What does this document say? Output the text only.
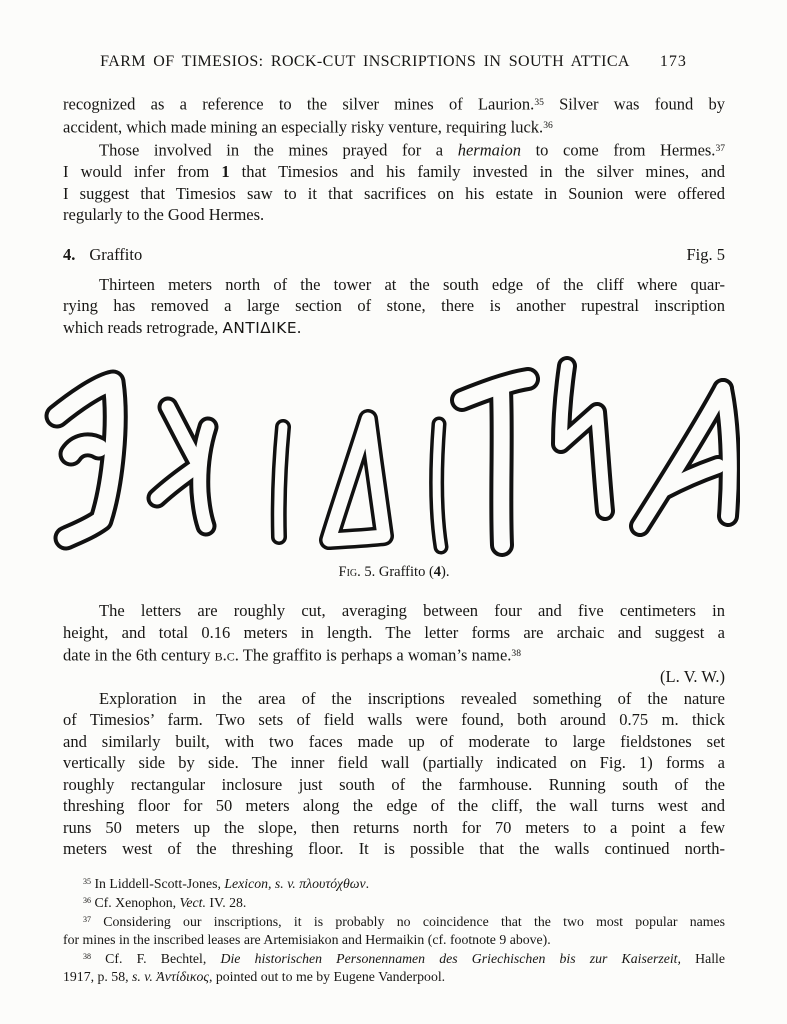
FARM OF TIMESIOS: ROCK-CUT INSCRIPTIONS IN SOUTH ATTICA 173
recognized as a reference to the silver mines of Laurion.$^{35}$ Silver was found by
accident, which made mining an especially risky venture, requiring luck.$^{36}$
Those involved in the mines prayed for a hermaion to come from Hermes.$^{37}$
I would infer from 1 that Timesios and his family invested in the silver mines, and
I suggest that Timesios saw to it that sacrifices on his estate in Sounion were offered
regularly to the Good Hermes.
4. Graffito	Fig. 5
Thirteen meters north of the tower at the south edge of the cliff where quar-
rying has removed a large section of stone, there is another rupestral inscription
which reads retrograde, ΑΝΤΙΔΙΚΕ.
Fig. 5. Graffito (4).
The letters are roughly cut, averaging between four and five centimeters in
height, and total 0.16 meters in length. The letter forms are archaic and suggest a
date in the 6th century b.c. The graffito is perhaps a woman’s name.$^{38}$
(L. V. W.)
Exploration in the area of the inscriptions revealed something of the nature
of Timesios’ farm. Two sets of field walls were found, both around 0.75 m. thick
and similarly built, with two faces made up of moderate to large fieldstones set
vertically side by side. The inner field wall (partially indicated on Fig. 1) forms a
roughly rectangular inclosure just south of the farmhouse. Running south of the
threshing floor for 50 meters along the edge of the cliff, the wall turns west and
runs 50 meters up the slope, then returns north for 70 meters to a point a few
meters west of the threshing floor. It is possible that the walls continued north-
$^{35}$ In Liddell-Scott-Jones, Lexicon, s. v. πλουτόχθων.
$^{36}$ Cf. Xenophon, Vect. IV. 28.
$^{37}$ Considering our inscriptions, it is probably no coincidence that the two most popular names
for mines in the inscribed leases are Artemisiakon and Hermaikin (cf. footnote 9 above).
$^{38}$ Cf. F. Bechtel, Die historischen Personennamen des Griechischen bis zur Kaiserzeit, Halle
1917, p. 58, s. v. Ἀντίδικος, pointed out to me by Eugene Vanderpool.
